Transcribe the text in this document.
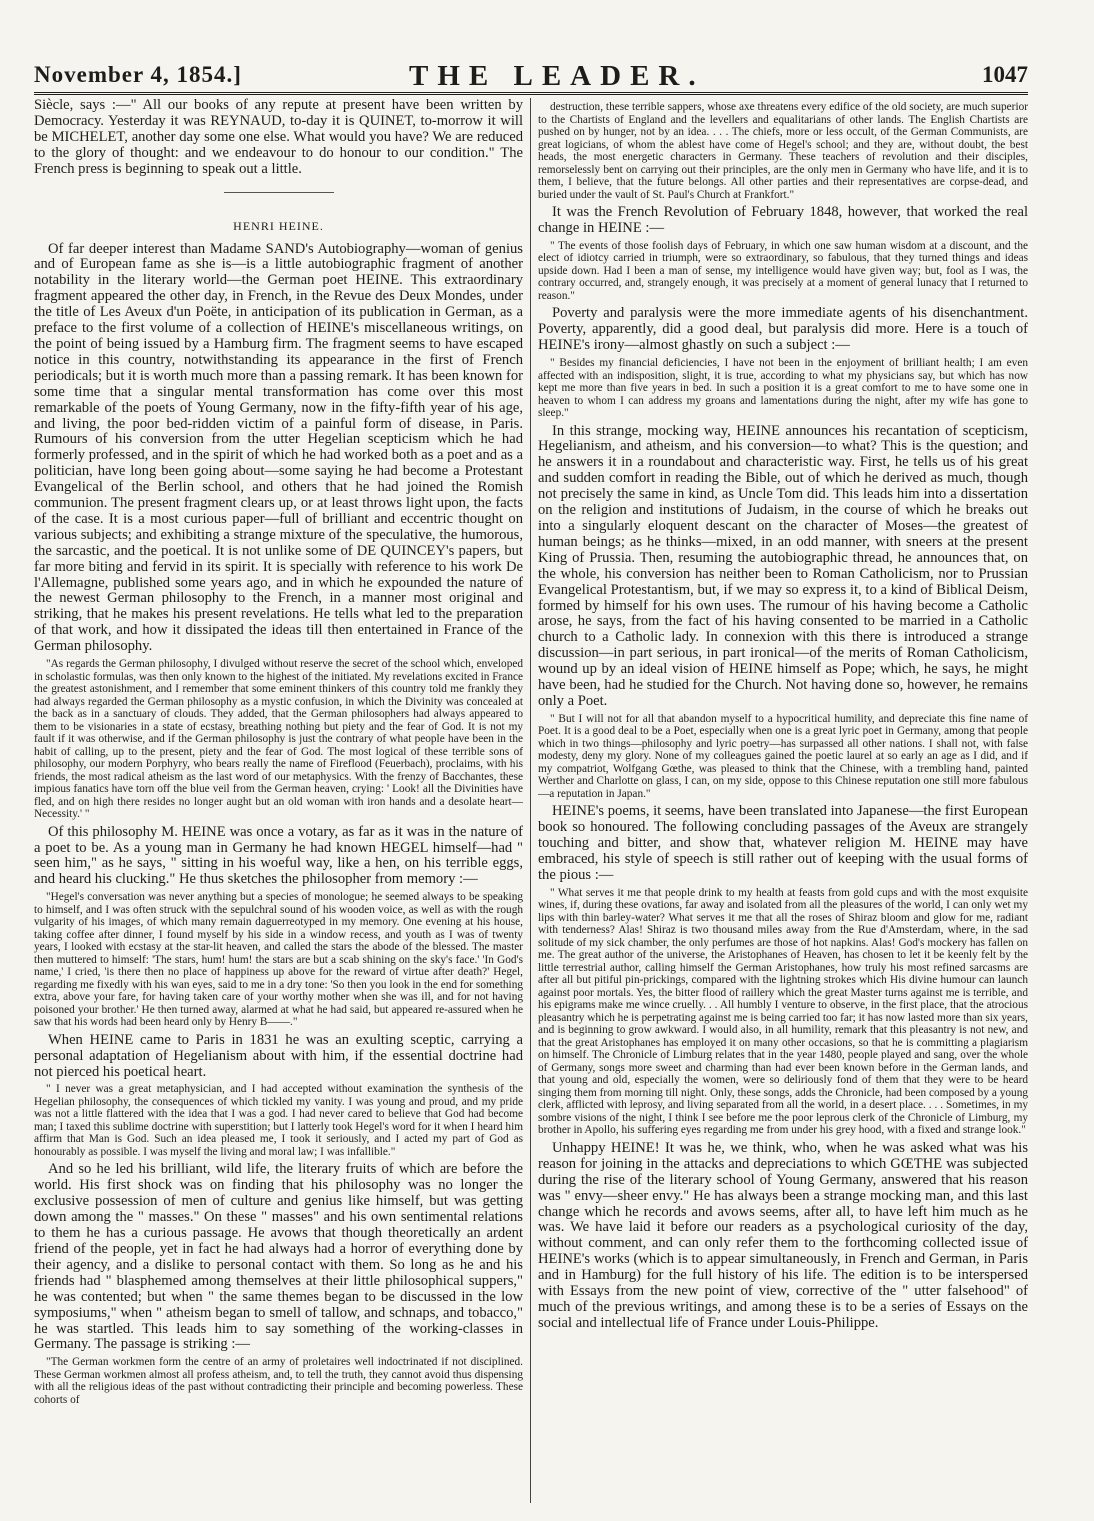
November 4, 1854.]	THE LEADER.	1047

Siècle, says :—" All our books of any repute at present have been written by Democracy. Yesterday it was REYNAUD, to-day it is QUINET, to-morrow it will be MICHELET, another day some one else. What would you have? We are reduced to the glory of thought: and we endeavour to do honour to our condition." The French press is beginning to speak out a little.

HENRI HEINE.

Of far deeper interest than Madame SAND's Autobiography—woman of genius and of European fame as she is—is a little autobiographic fragment of another notability in the literary world—the German poet HEINE. This extraordinary fragment appeared the other day, in French, in the Revue des Deux Mondes, under the title of Les Aveux d'un Poëte, in anticipation of its publication in German, as a preface to the first volume of a collection of HEINE's miscellaneous writings, on the point of being issued by a Hamburg firm. The fragment seems to have escaped notice in this country, notwithstanding its appearance in the first of French periodicals; but it is worth much more than a passing remark. It has been known for some time that a singular mental transformation has come over this most remarkable of the poets of Young Germany, now in the fifty-fifth year of his age, and living, the poor bed-ridden victim of a painful form of disease, in Paris. Rumours of his conversion from the utter Hegelian scepticism which he had formerly professed, and in the spirit of which he had worked both as a poet and as a politician, have long been going about—some saying he had become a Protestant Evangelical of the Berlin school, and others that he had joined the Romish communion. The present fragment clears up, or at least throws light upon, the facts of the case. It is a most curious paper—full of brilliant and eccentric thought on various subjects; and exhibiting a strange mixture of the speculative, the humorous, the sarcastic, and the poetical. It is not unlike some of DE QUINCEY's papers, but far more biting and fervid in its spirit. It is specially with reference to his work De l'Allemagne, published some years ago, and in which he expounded the nature of the newest German philosophy to the French, in a manner most original and striking, that he makes his present revelations. He tells what led to the preparation of that work, and how it dissipated the ideas till then entertained in France of the German philosophy.

"As regards the German philosophy, I divulged without reserve the secret of the school which, enveloped in scholastic formulas, was then only known to the highest of the initiated. My revelations excited in France the greatest astonishment, and I remember that some eminent thinkers of this country told me frankly they had always regarded the German philosophy as a mystic confusion, in which the Divinity was concealed at the back as in a sanctuary of clouds. They added, that the German philosophers had always appeared to them to be visionaries in a state of ecstasy, breathing nothing but piety and the fear of God. It is not my fault if it was otherwise, and if the German philosophy is just the contrary of what people have been in the habit of calling, up to the present, piety and the fear of God. The most logical of these terrible sons of philosophy, our modern Porphyry, who bears really the name of Fireflood (Feuerbach), proclaims, with his friends, the most radical atheism as the last word of our metaphysics. With the frenzy of Bacchantes, these impious fanatics have torn off the blue veil from the German heaven, crying: ' Look! all the Divinities have fled, and on high there resides no longer aught but an old woman with iron hands and a desolate heart—Necessity.' "

Of this philosophy M. HEINE was once a votary, as far as it was in the nature of a poet to be. As a young man in Germany he had known HEGEL himself—had " seen him," as he says, " sitting in his woeful way, like a hen, on his terrible eggs, and heard his clucking." He thus sketches the philosopher from memory :—

"Hegel's conversation was never anything but a species of monologue; he seemed always to be speaking to himself, and I was often struck with the sepulchral sound of his wooden voice, as well as with the rough vulgarity of his images, of which many remain daguerreotyped in my memory. One evening at his house, taking coffee after dinner, I found myself by his side in a window recess, and youth as I was of twenty years, I looked with ecstasy at the star-lit heaven, and called the stars the abode of the blessed. The master then muttered to himself: 'The stars, hum! hum! the stars are but a scab shining on the sky's face.' 'In God's name,' I cried, 'is there then no place of happiness up above for the reward of virtue after death?' Hegel, regarding me fixedly with his wan eyes, said to me in a dry tone: 'So then you look in the end for something extra, above your fare, for having taken care of your worthy mother when she was ill, and for not having poisoned your brother.' He then turned away, alarmed at what he had said, but appeared re-assured when he saw that his words had been heard only by Henry B——."

When HEINE came to Paris in 1831 he was an exulting sceptic, carrying a personal adaptation of Hegelianism about with him, if the essential doctrine had not pierced his poetical heart.

" I never was a great metaphysician, and I had accepted without examination the synthesis of the Hegelian philosophy, the consequences of which tickled my vanity. I was young and proud, and my pride was not a little flattered with the idea that I was a god. I had never cared to believe that God had become man; I taxed this sublime doctrine with superstition; but I latterly took Hegel's word for it when I heard him affirm that Man is God. Such an idea pleased me, I took it seriously, and I acted my part of God as honourably as possible. I was myself the living and moral law; I was infallible."

And so he led his brilliant, wild life, the literary fruits of which are before the world. His first shock was on finding that his philosophy was no longer the exclusive possession of men of culture and genius like himself, but was getting down among the " masses." On these " masses" and his own sentimental relations to them he has a curious passage. He avows that though theoretically an ardent friend of the people, yet in fact he had always had a horror of everything done by their agency, and a dislike to personal contact with them. So long as he and his friends had " blasphemed among themselves at their little philosophical suppers," he was contented; but when " the same themes began to be discussed in the low symposiums," when " atheism began to smell of tallow, and schnaps, and tobacco," he was startled. This leads him to say something of the working-classes in Germany. The passage is striking :—

"The German workmen form the centre of an army of proletaires well indoctrinated if not disciplined. These German workmen almost all profess atheism, and, to tell the truth, they cannot avoid thus dispensing with all the religious ideas of the past without contradicting their principle and becoming powerless. These cohorts of

destruction, these terrible sappers, whose axe threatens every edifice of the old society, are much superior to the Chartists of England and the levellers and equalitarians of other lands. The English Chartists are pushed on by hunger, not by an idea. . . . The chiefs, more or less occult, of the German Communists, are great logicians, of whom the ablest have come of Hegel's school; and they are, without doubt, the best heads, the most energetic characters in Germany. These teachers of revolution and their disciples, remorselessly bent on carrying out their principles, are the only men in Germany who have life, and it is to them, I believe, that the future belongs. All other parties and their representatives are corpse-dead, and buried under the vault of St. Paul's Church at Frankfort."

It was the French Revolution of February 1848, however, that worked the real change in HEINE :—

" The events of those foolish days of February, in which one saw human wisdom at a discount, and the elect of idiotcy carried in triumph, were so extraordinary, so fabulous, that they turned things and ideas upside down. Had I been a man of sense, my intelligence would have given way; but, fool as I was, the contrary occurred, and, strangely enough, it was precisely at a moment of general lunacy that I returned to reason."

Poverty and paralysis were the more immediate agents of his disenchantment. Poverty, apparently, did a good deal, but paralysis did more. Here is a touch of HEINE's irony—almost ghastly on such a subject :—

" Besides my financial deficiencies, I have not been in the enjoyment of brilliant health; I am even affected with an indisposition, slight, it is true, according to what my physicians say, but which has now kept me more than five years in bed. In such a position it is a great comfort to me to have some one in heaven to whom I can address my groans and lamentations during the night, after my wife has gone to sleep."

In this strange, mocking way, HEINE announces his recantation of scepticism, Hegelianism, and atheism, and his conversion—to what? This is the question; and he answers it in a roundabout and characteristic way. First, he tells us of his great and sudden comfort in reading the Bible, out of which he derived as much, though not precisely the same in kind, as Uncle Tom did. This leads him into a dissertation on the religion and institutions of Judaism, in the course of which he breaks out into a singularly eloquent descant on the character of Moses—the greatest of human beings; as he thinks—mixed, in an odd manner, with sneers at the present King of Prussia. Then, resuming the autobiographic thread, he announces that, on the whole, his conversion has neither been to Roman Catholicism, nor to Prussian Evangelical Protestantism, but, if we may so express it, to a kind of Biblical Deism, formed by himself for his own uses. The rumour of his having become a Catholic arose, he says, from the fact of his having consented to be married in a Catholic church to a Catholic lady. In connexion with this there is introduced a strange discussion—in part serious, in part ironical—of the merits of Roman Catholicism, wound up by an ideal vision of HEINE himself as Pope; which, he says, he might have been, had he studied for the Church. Not having done so, however, he remains only a Poet.

" But I will not for all that abandon myself to a hypocritical humility, and depreciate this fine name of Poet. It is a good deal to be a Poet, especially when one is a great lyric poet in Germany, among that people which in two things—philosophy and lyric poetry—has surpassed all other nations. I shall not, with false modesty, deny my glory. None of my colleagues gained the poetic laurel at so early an age as I did, and if my compatriot, Wolfgang Gœthe, was pleased to think that the Chinese, with a trembling hand, painted Werther and Charlotte on glass, I can, on my side, oppose to this Chinese reputation one still more fabulous—a reputation in Japan."

HEINE's poems, it seems, have been translated into Japanese—the first European book so honoured. The following concluding passages of the Aveux are strangely touching and bitter, and show that, whatever religion M. HEINE may have embraced, his style of speech is still rather out of keeping with the usual forms of the pious :—

" What serves it me that people drink to my health at feasts from gold cups and with the most exquisite wines, if, during these ovations, far away and isolated from all the pleasures of the world, I can only wet my lips with thin barley-water? What serves it me that all the roses of Shiraz bloom and glow for me, radiant with tenderness? Alas! Shiraz is two thousand miles away from the Rue d'Amsterdam, where, in the sad solitude of my sick chamber, the only perfumes are those of hot napkins. Alas! God's mockery has fallen on me. The great author of the universe, the Aristophanes of Heaven, has chosen to let it be keenly felt by the little terrestrial author, calling himself the German Aristophanes, how truly his most refined sarcasms are after all but pitiful pin-prickings, compared with the lightning strokes which His divine humour can launch against poor mortals. Yes, the bitter flood of raillery which the great Master turns against me is terrible, and his epigrams make me wince cruelly. . . All humbly I venture to observe, in the first place, that the atrocious pleasantry which he is perpetrating against me is being carried too far; it has now lasted more than six years, and is beginning to grow awkward. I would also, in all humility, remark that this pleasantry is not new, and that the great Aristophanes has employed it on many other occasions, so that he is committing a plagiarism on himself. The Chronicle of Limburg relates that in the year 1480, people played and sang, over the whole of Germany, songs more sweet and charming than had ever been known before in the German lands, and that young and old, especially the women, were so deliriously fond of them that they were to be heard singing them from morning till night. Only, these songs, adds the Chronicle, had been composed by a young clerk, afflicted with leprosy, and living separated from all the world, in a desert place. . . . Sometimes, in my sombre visions of the night, I think I see before me the poor leprous clerk of the Chronicle of Limburg, my brother in Apollo, his suffering eyes regarding me from under his grey hood, with a fixed and strange look."

Unhappy HEINE! It was he, we think, who, when he was asked what was his reason for joining in the attacks and depreciations to which GŒTHE was subjected during the rise of the literary school of Young Germany, answered that his reason was " envy—sheer envy." He has always been a strange mocking man, and this last change which he records and avows seems, after all, to have left him much as he was. We have laid it before our readers as a psychological curiosity of the day, without comment, and can only refer them to the forthcoming collected issue of HEINE's works (which is to appear simultaneously, in French and German, in Paris and in Hamburg) for the full history of his life. The edition is to be interspersed with Essays from the new point of view, corrective of the " utter falsehood" of much of the previous writings, and among these is to be a series of Essays on the social and intellectual life of France under Louis-Philippe.
